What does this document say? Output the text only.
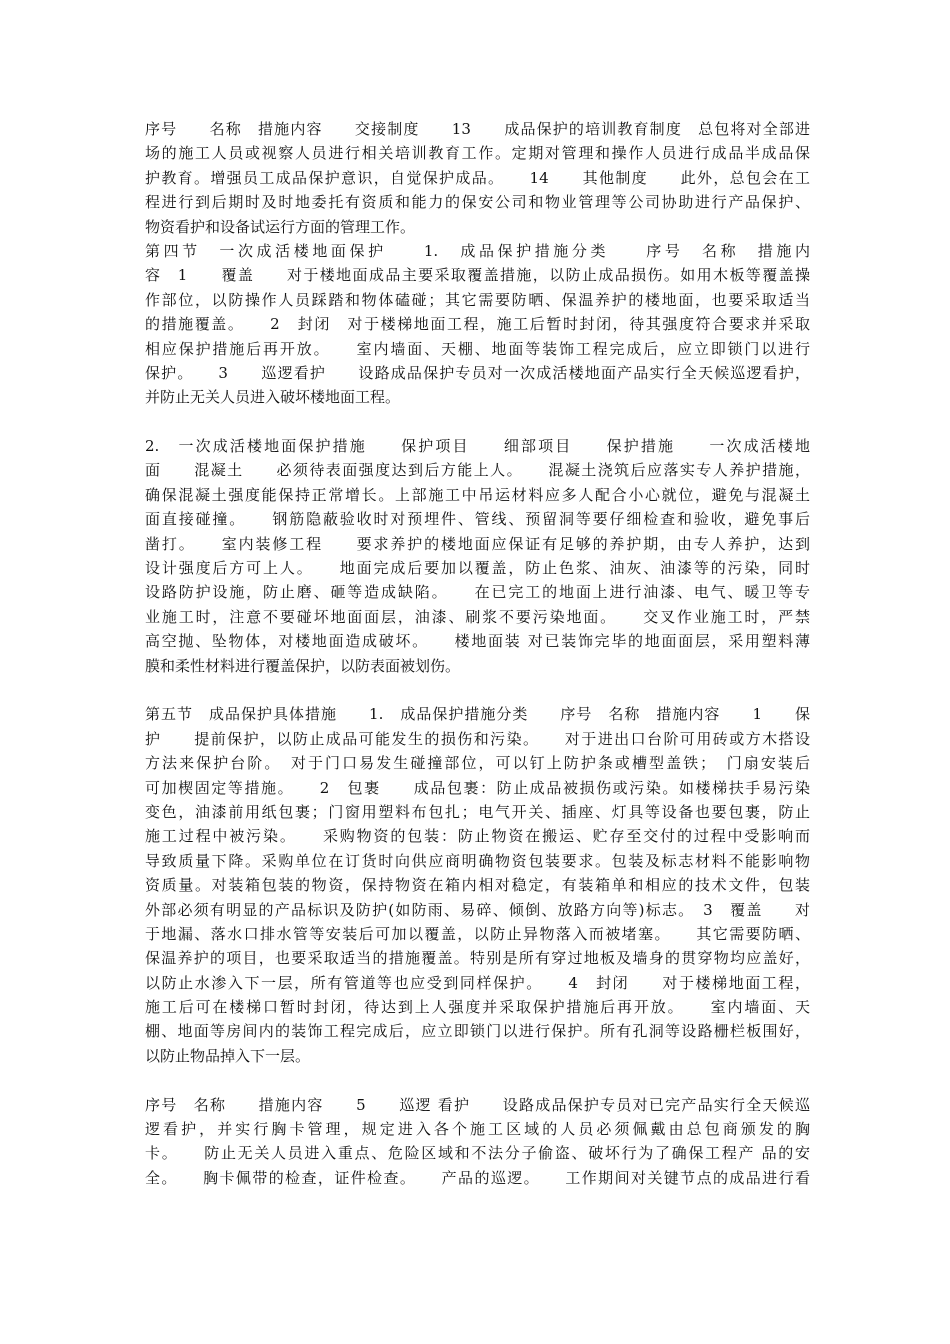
序号　　名称　措施内容　　交接制度　　13　　成品保护的培训教育制度　总包将对全部进
场的施工人员或视察人员进行相关培训教育工作。定期对管理和操作人员进行成品半成品保
护教育。增强员工成品保护意识，自觉保护成品。　　14　　其他制度　　此外，总包会在工
程进行到后期时及时地委托有资质和能力的保安公司和物业管理等公司协助进行产品保护、
物资看护和设备试运行方面的管理工作。
第四节　一次成活楼地面保护　　1.　成品保护措施分类　　序号　名称　措施内
容　1　　覆盖　　对于楼地面成品主要采取覆盖措施，以防止成品损伤。如用木板等覆盖操
作部位，以防操作人员踩踏和物体磕碰；其它需要防晒、保温养护的楼地面，也要采取适当
的措施覆盖。　　2　封闭　对于楼梯地面工程，施工后暂时封闭，待其强度符合要求并采取
相应保护措施后再开放。　　室内墙面、天棚、地面等装饰工程完成后，应立即锁门以进行
保护。　　3　　巡逻看护　　设路成品保护专员对一次成活楼地面产品实行全天候巡逻看护，
并防止无关人员进入破坏楼地面工程。
2.　一次成活楼地面保护措施　　保护项目　　细部项目　　保护措施　　一次成活楼地
面　　混凝土　　必须待表面强度达到后方能上人。　　混凝土浇筑后应落实专人养护措施，
确保混凝土强度能保持正常增长。上部施工中吊运材料应多人配合小心就位，避免与混凝土
面直接碰撞。　　钢筋隐蔽验收时对预埋件、管线、预留洞等要仔细检查和验收，避免事后
凿打。　　室内装修工程　　要求养护的楼地面应保证有足够的养护期，由专人养护，达到
设计强度后方可上人。　　地面完成后要加以覆盖，防止色浆、油灰、油漆等的污染，同时
设路防护设施，防止磨、砸等造成缺陷。　　在已完工的地面上进行油漆、电气、暖卫等专
业施工时，注意不要碰坏地面面层，油漆、刷浆不要污染地面。　　交叉作业施工时，严禁
高空抛、坠物体，对楼地面造成破坏。　　楼地面装 对已装饰完毕的地面面层，采用塑料薄
膜和柔性材料进行覆盖保护，以防表面被划伤。
第五节　成品保护具体措施　　1.　成品保护措施分类　　序号　名称　措施内容　　1　　保
护　　提前保护，以防止成品可能发生的损伤和污染。　　对于进出口台阶可用砖或方木搭设
方法来保护台阶。　对于门口易发生碰撞部位，可以钉上防护条或槽型盖铁；　门扇安装后
可加楔固定等措施。　　2　包裹　　成品包裹：防止成品被损伤或污染。如楼梯扶手易污染
变色，油漆前用纸包裹；门窗用塑料布包扎；电气开关、插座、灯具等设备也要包裹，防止
施工过程中被污染。　　采购物资的包装：防止物资在搬运、贮存至交付的过程中受影响而
导致质量下降。采购单位在订货时向供应商明确物资包装要求。包装及标志材料不能影响物
资质量。对装箱包装的物资，保持物资在箱内相对稳定，有装箱单和相应的技术文件，包装
外部必须有明显的产品标识及防护(如防雨、易碎、倾倒、放路方向等)标志。　3　覆盖　　对
于地漏、落水口排水管等安装后可加以覆盖，以防止异物落入而被堵塞。　　其它需要防晒、
保温养护的项目，也要采取适当的措施覆盖。特别是所有穿过地板及墙身的贯穿物均应盖好，
以防止水渗入下一层，所有管道等也应受到同样保护。　　4　封闭　　对于楼梯地面工程，
施工后可在楼梯口暂时封闭，待达到上人强度并采取保护措施后再开放。　　室内墙面、天
棚、地面等房间内的装饰工程完成后，应立即锁门以进行保护。所有孔洞等设路栅栏板围好，
以防止物品掉入下一层。
序号　名称　　措施内容　　5　　巡逻 看护　　设路成品保护专员对已完产品实行全天候巡
逻看护，并实行胸卡管理，规定进入各个施工区域的人员必须佩戴由总包商颁发的胸
卡。　　防止无关人员进入重点、危险区域和不法分子偷盗、破坏行为了确保工程产 品的安
全。　　胸卡佩带的检查，证件检查。　　产品的巡逻。　　工作期间对关键节点的成品进行看
